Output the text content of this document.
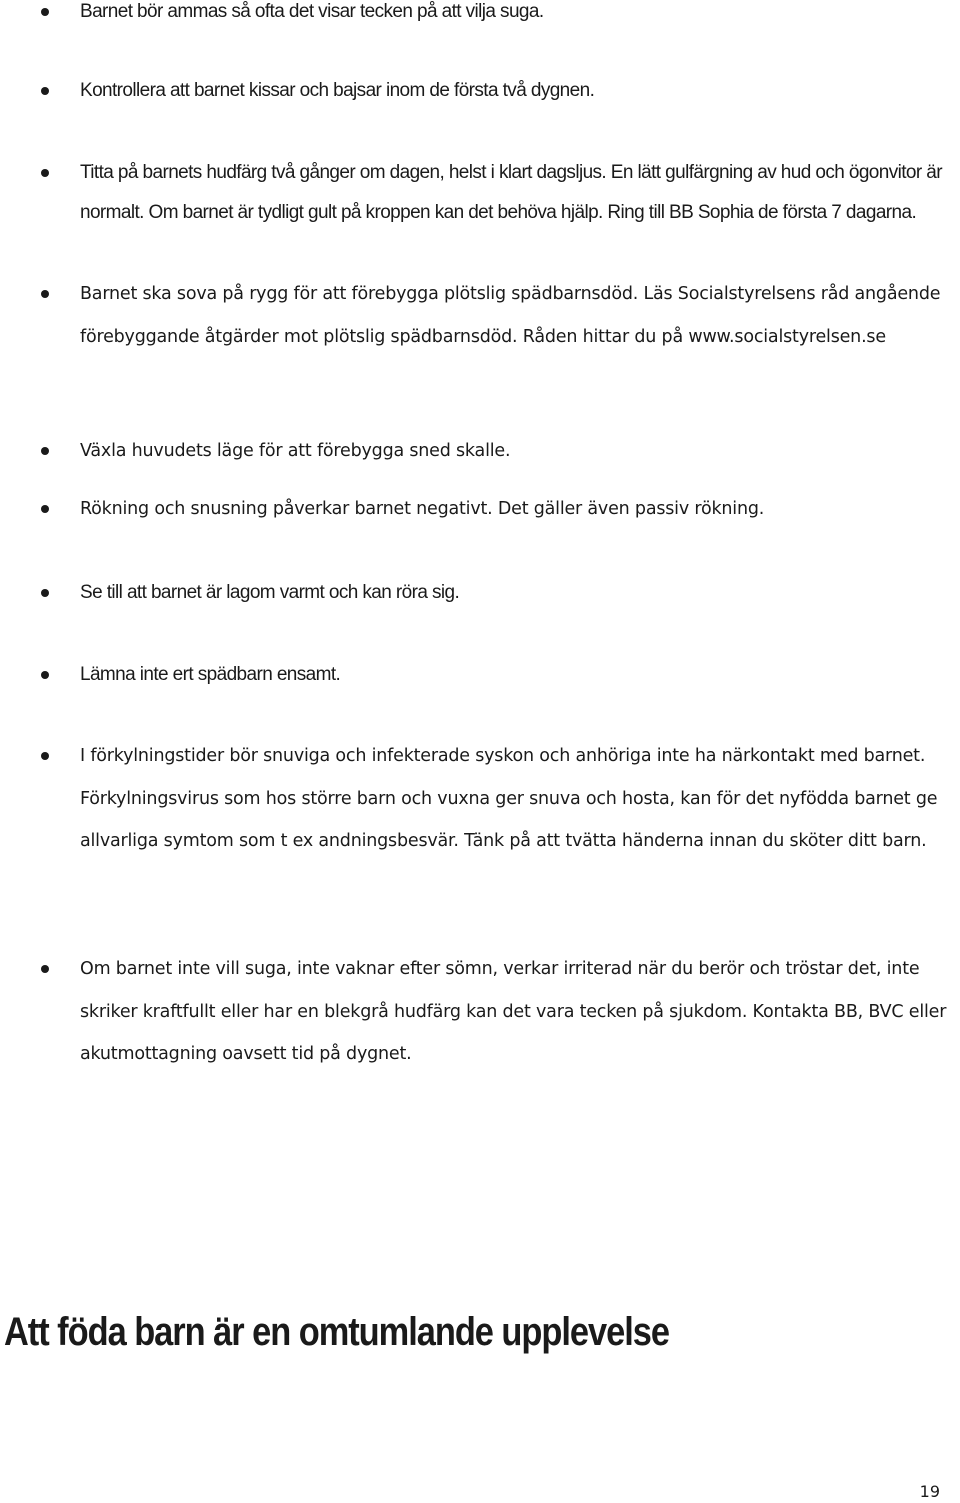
Barnet bör ammas så ofta det visar tecken på att vilja suga.

Kontrollera att barnet kissar och bajsar inom de första två dygnen.

Titta på barnets hudfärg två gånger om dagen, helst i klart dagsljus. En lätt gulfärgning av hud och ögonvitor är normalt. Om barnet är tydligt gult på kroppen kan det behöva hjälp. Ring till BB Sophia de första 7 dagarna.

Barnet ska sova på rygg för att förebygga plötslig spädbarnsdöd. Läs Socialstyrelsens råd angående förebyggande åtgärder mot plötslig spädbarnsdöd. Råden hittar du på www.socialstyrelsen.se

Växla huvudets läge för att förebygga sned skalle.

Rökning och snusning påverkar barnet negativt. Det gäller även passiv rökning.

Se till att barnet är lagom varmt och kan röra sig.

Lämna inte ert spädbarn ensamt.

I förkylningstider bör snuviga och infekterade syskon och anhöriga inte ha närkontakt med barnet. Förkylningsvirus som hos större barn och vuxna ger snuva och hosta, kan för det nyfödda barnet ge allvarliga symtom som t ex andningsbesvär. Tänk på att tvätta händerna innan du sköter ditt barn.

Om barnet inte vill suga, inte vaknar efter sömn, verkar irriterad när du berör och tröstar det, inte skriker kraftfullt eller har en blekgrå hudfärg kan det vara tecken på sjukdom. Kontakta BB, BVC eller akutmottagning oavsett tid på dygnet.

Att föda barn är en omtumlande upplevelse
19
